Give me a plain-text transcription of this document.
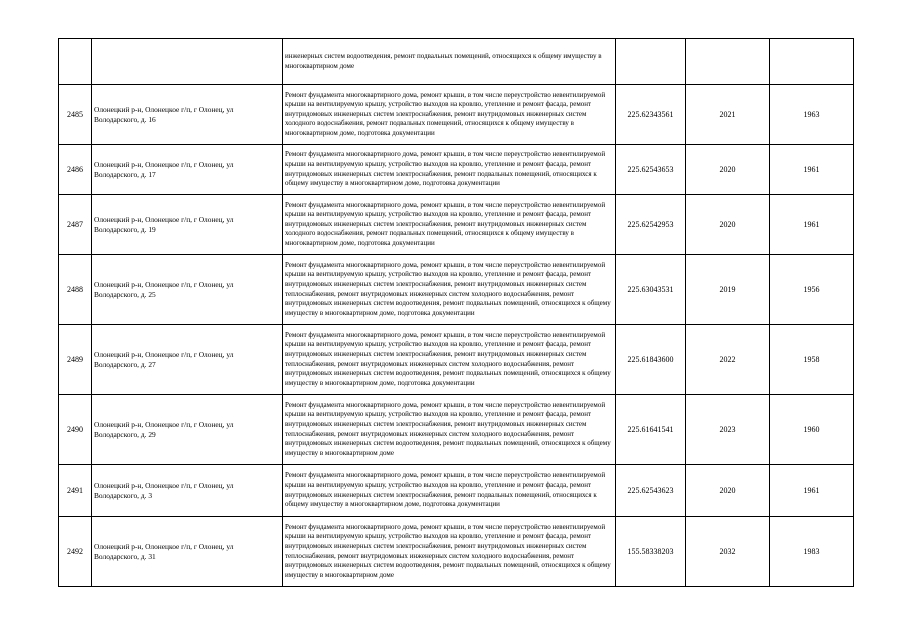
		инженерных систем водоотведения, ремонт подвальных помещений, относящихся к общему имуществу в многоквартирном доме			

2485	Олонецкий р-н, Олонецкое г/п, г Олонец, ул Володарского, д. 16	Ремонт фундамента многоквартирного дома, ремонт крыши, в том числе переустройство невентилируемой крыши на вентилируемую крышу, устройство выходов на кровлю, утепление и ремонт фасада, ремонт внутридомовых инженерных систем электроснабжения, ремонт внутридомовых инженерных систем холодного водоснабжения, ремонт подвальных помещений, относящихся к общему имуществу в многоквартирном доме, подготовка документации	225.62343561	2021	1963
2486	Олонецкий р-н, Олонецкое г/п, г Олонец, ул Володарского, д. 17	Ремонт фундамента многоквартирного дома, ремонт крыши, в том числе переустройство невентилируемой крыши на вентилируемую крышу, устройство выходов на кровлю, утепление и ремонт фасада, ремонт внутридомовых инженерных систем электроснабжения, ремонт подвальных помещений, относящихся к общему имуществу в многоквартирном доме, подготовка документации	225.62543653	2020	1961
2487	Олонецкий р-н, Олонецкое г/п, г Олонец, ул Володарского, д. 19	Ремонт фундамента многоквартирного дома, ремонт крыши, в том числе переустройство невентилируемой крыши на вентилируемую крышу, устройство выходов на кровлю, утепление и ремонт фасада, ремонт внутридомовых инженерных систем электроснабжения, ремонт внутридомовых инженерных систем холодного водоснабжения, ремонт подвальных помещений, относящихся к общему имуществу в многоквартирном доме, подготовка документации	225.62542953	2020	1961
2488	Олонецкий р-н, Олонецкое г/п, г Олонец, ул Володарского, д. 25	Ремонт фундамента многоквартирного дома, ремонт крыши, в том числе переустройство невентилируемой крыши на вентилируемую крышу, устройство выходов на кровлю, утепление и ремонт фасада, ремонт внутридомовых инженерных систем электроснабжения, ремонт внутридомовых инженерных систем теплоснабжения, ремонт внутридомовых инженерных систем холодного водоснабжения, ремонт внутридомовых инженерных систем водоотведения, ремонт подвальных помещений, относящихся к общему имуществу в многоквартирном доме, подготовка документации	225.63043531	2019	1956
2489	Олонецкий р-н, Олонецкое г/п, г Олонец, ул Володарского, д. 27	Ремонт фундамента многоквартирного дома, ремонт крыши, в том числе переустройство невентилируемой крыши на вентилируемую крышу, устройство выходов на кровлю, утепление и ремонт фасада, ремонт внутридомовых инженерных систем электроснабжения, ремонт внутридомовых инженерных систем теплоснабжения, ремонт внутридомовых инженерных систем холодного водоснабжения, ремонт внутридомовых инженерных систем водоотведения, ремонт подвальных помещений, относящихся к общему имуществу в многоквартирном доме, подготовка документации	225.61843600	2022	1958
2490	Олонецкий р-н, Олонецкое г/п, г Олонец, ул Володарского, д. 29	Ремонт фундамента многоквартирного дома, ремонт крыши, в том числе переустройство невентилируемой крыши на вентилируемую крышу, устройство выходов на кровлю, утепление и ремонт фасада, ремонт внутридомовых инженерных систем электроснабжения, ремонт внутридомовых инженерных систем теплоснабжения, ремонт внутридомовых инженерных систем холодного водоснабжения, ремонт внутридомовых инженерных систем водоотведения, ремонт подвальных помещений, относящихся к общему имуществу в многоквартирном доме	225.61641541	2023	1960
2491	Олонецкий р-н, Олонецкое г/п, г Олонец, ул Володарского, д. 3	Ремонт фундамента многоквартирного дома, ремонт крыши, в том числе переустройство невентилируемой крыши на вентилируемую крышу, устройство выходов на кровлю, утепление и ремонт фасада, ремонт внутридомовых инженерных систем электроснабжения, ремонт подвальных помещений, относящихся к общему имуществу в многоквартирном доме, подготовка документации	225.62543623	2020	1961
2492	Олонецкий р-н, Олонецкое г/п, г Олонец, ул Володарского, д. 31	Ремонт фундамента многоквартирного дома, ремонт крыши, в том числе переустройство невентилируемой крыши на вентилируемую крышу, устройство выходов на кровлю, утепление и ремонт фасада, ремонт внутридомовых инженерных систем электроснабжения, ремонт внутридомовых инженерных систем теплоснабжения, ремонт внутридомовых инженерных систем холодного водоснабжения, ремонт внутридомовых инженерных систем водоотведения, ремонт подвальных помещений, относящихся к общему имуществу в многоквартирном доме	155.58338203	2032	1983
